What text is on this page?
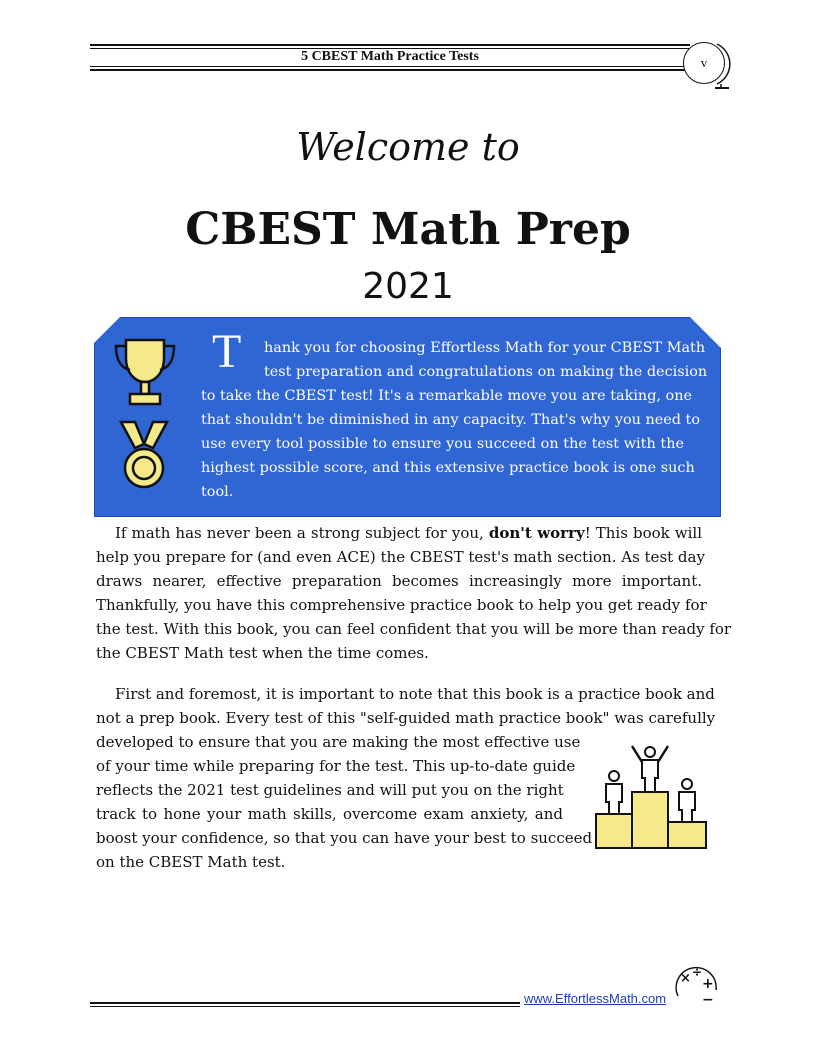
5 CBEST Math Practice Tests	v
Welcome to
CBEST Math Prep
2021
T hank you for choosing Effortless Math for your CBEST Math
test preparation and congratulations on making the decision
to take the CBEST test! It's a remarkable move you are taking, one
that shouldn't be diminished in any capacity. That's why you need to
use every tool possible to ensure you succeed on the test with the
highest possible score, and this extensive practice book is one such
tool.
If math has never been a strong subject for you, don't worry! This book will
help you prepare for (and even ACE) the CBEST test's math section. As test day
draws nearer, effective preparation becomes increasingly more important.
Thankfully, you have this comprehensive practice book to help you get ready for
the test. With this book, you can feel confident that you will be more than ready for
the CBEST Math test when the time comes.
First and foremost, it is important to note that this book is a practice book and
not a prep book. Every test of this "self-guided math practice book" was carefully
developed to ensure that you are making the most effective use
of your time while preparing for the test. This up-to-date guide
reflects the 2021 test guidelines and will put you on the right
track to hone your math skills, overcome exam anxiety, and
boost your confidence, so that you can have your best to succeed
on the CBEST Math test.
www.EffortlessMath.com
× ÷
+
−
